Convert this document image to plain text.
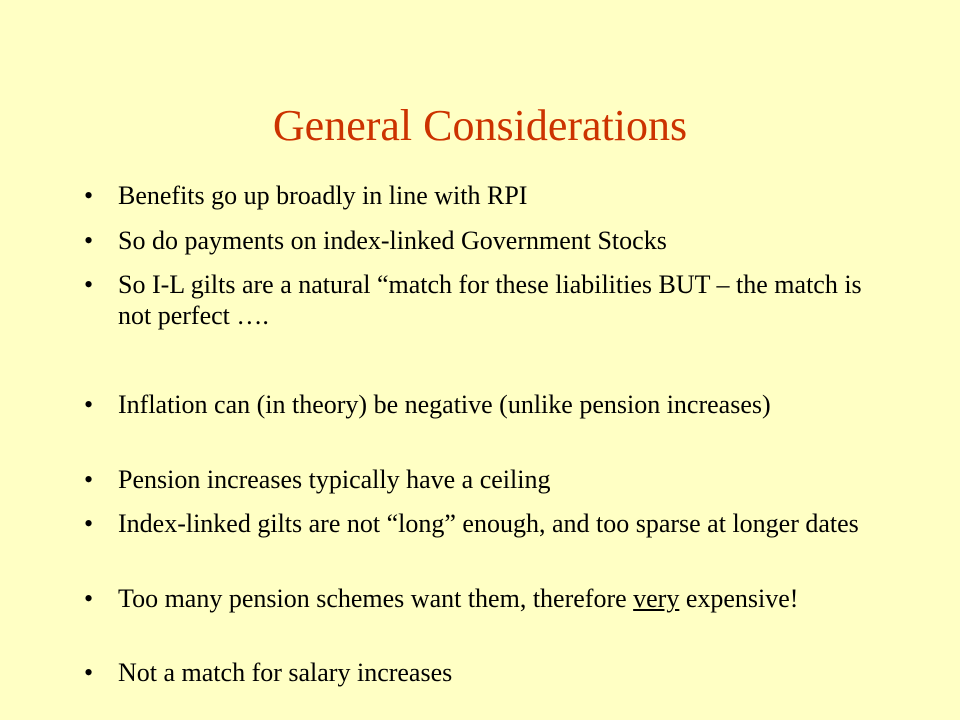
General Considerations
• Benefits go up broadly in line with RPI
• So do payments on index-linked Government Stocks
• So I-L gilts are a natural “match for these liabilities BUT – the match is not perfect ….
• Inflation can (in theory) be negative (unlike pension increases)
• Pension increases typically have a ceiling
• Index-linked gilts are not “long” enough, and too sparse at longer dates
• Too many pension schemes want them, therefore very expensive!
• Not a match for salary increases
